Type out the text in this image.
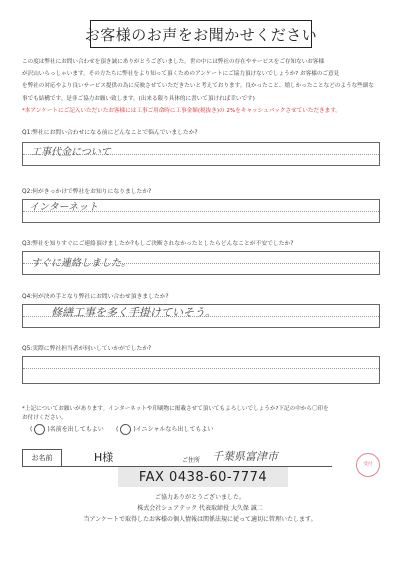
お客様のお声をお聞かせください

この度は弊社にお問い合わせを頂き誠にありがとうございました。世の中には弊社の存在やサービスをご存知ないお客様

が沢山いらっしゃいます。その方たちに弊社をより知って頂くためのアンケートにご協力頂けないでしょうか? お客様のご意見

を弊社の対応やより良いサービス提供の為に反映させていただきたいと考えております。良かったこと、嬉しかったことなどのような些細な

事でも結構です。是非ご協力お願い致します。(出来る限り具体的に書いて頂ければ幸いです)

*本アンケートにご記入いただいたお客様には工事ご用命時に工事金額(税抜き)の 2%をキャッシュバックさせていただきます。

Q1:弊社にお問い合わせになる前にどんなことで悩んでいましたか?
工事代金について
Q2:何がきっかけで弊社をお知りになりましたか?
インターネット
Q3:弊社を知りすぐにご連絡頂けましたか?もしご決断されなかったとしたらどんなことが不安でしたか?
すぐに連絡しました。
Q4:何が決め手となり弊社にお問い合わせ頂きましたか?
修繕工事を多く手掛けていそう。
Q5:実際に弊社担当者が伺いしていかがでしたか?
*上記についてお願いがあります。インターネットや印刷物に掲載させて頂いてもよろしいでしょうか?下記の中から〇印を
お付けください。
(	)名前を出してもよい (	)イニシャルなら出してもよい
お名前	H様	ご住所 千葉県富津市
受付
FAX 0438-60-7774
ご協力ありがとうございました。
株式会社シェアテック 代表取締役 大久保 誠二
当アンケートで取得したお客様の個人情報は関係法規に従って適切に管理いたします。
